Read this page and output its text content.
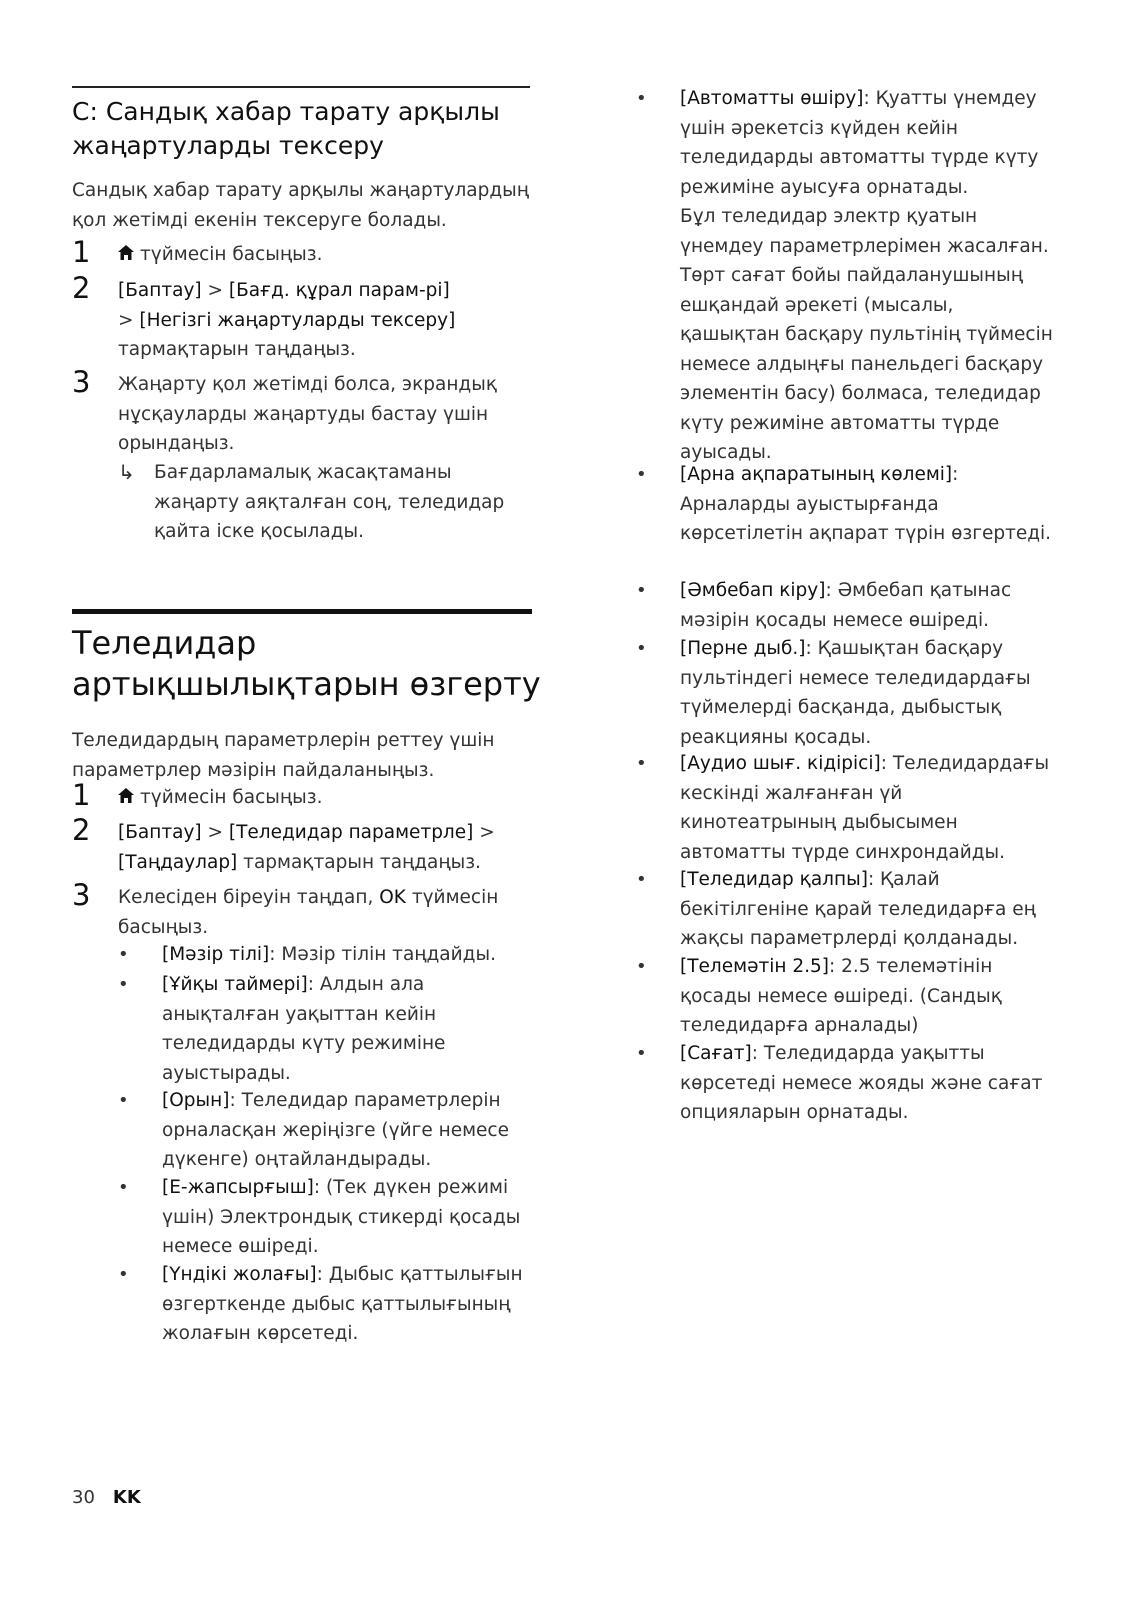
C: Сандық хабар тарату арқылы жаңартуларды тексеру

Сандық хабар тарату арқылы жаңартулардың қол жетімді екенін тексеруге болады.

1	түймесін басыңыз.

2 [Баптау] > [Бағд. құрал парам-рі]
> [Негізгі жаңартуларды тексеру]
тармақтарын таңдаңыз.

3 Жаңарту қол жетімді болса, экрандық нұсқауларды жаңартуды бастау үшін орындаңыз.

↳ Бағдарламалық жасақтаманы жаңарту аяқталған соң, теледидар қайта іске қосылады.

Теледидар артықшылықтарын өзгерту

Теледидардың параметрлерін реттеу үшін параметрлер мәзірін пайдаланыңыз.

1	түймесін басыңыз.

2 [Баптау] > [Теледидар параметрле] >
[Таңдаулар] тармақтарын таңдаңыз.

3 Келесіден біреуін таңдап, OK түймесін басыңыз.

• [Мәзір тілі]: Мәзір тілін таңдайды.

• [Ұйқы таймері]: Алдын ала анықталған уақыттан кейін теледидарды күту режиміне ауыстырады.

• [Орын]: Теледидар параметрлерін орналасқан жеріңізге (үйге немесе дүкенге) оңтайландырады.

• [E-жапсырғыш]: (Тек дүкен режимі үшін) Электрондық стикерді қосады немесе өшіреді.

• [Үндікі жолағы]: Дыбыс қаттылығын өзгерткенде дыбыс қаттылығының жолағын көрсетеді.

• [Автоматты өшіру]: Қуатты үнемдеу үшін әрекетсіз күйден кейін теледидарды автоматты түрде күту режиміне ауысуға орнатады.
Бұл теледидар электр қуатын үнемдеу параметрлерімен жасалған. Төрт сағат бойы пайдаланушының ешқандай әрекеті (мысалы, қашықтан басқару пультінің түймесін немесе алдыңғы панельдегі басқару элементін басу) болмаса, теледидар күту режиміне автоматты түрде ауысады.

• [Арна ақпаратының көлемі]: Арналарды ауыстырғанда көрсетілетін ақпарат түрін өзгертеді.

• [Әмбебап кіру]: Әмбебап қатынас мәзірін қосады немесе өшіреді.

• [Перне дыб.]: Қашықтан басқару пультіндегі немесе теледидардағы түймелерді басқанда, дыбыстық реакцияны қосады.

• [Аудио шығ. кідірісі]: Теледидардағы кескінді жалғанған үй кинотеатрының дыбысымен автоматты түрде синхрондайды.

• [Теледидар қалпы]: Қалай бекітілгеніне қарай теледидарға ең жақсы параметрлерді қолданады.

• [Телемәтін 2.5]: 2.5 телемәтінін қосады немесе өшіреді. (Сандық теледидарға арналады)

• [Сағат]: Теледидарда уақытты көрсетеді немесе жояды және сағат опцияларын орнатады.

30 KK
